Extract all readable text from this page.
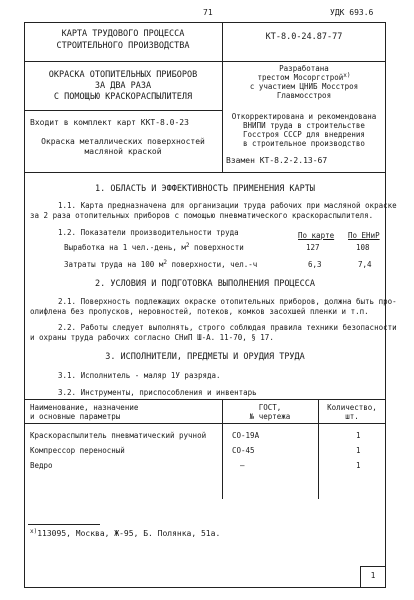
71	УДК 693.6
КАРТА ТРУДОВОГО ПРОЦЕССА
СТРОИТЕЛЬНОГО ПРОИЗВОДСТВА
КТ-8.0-24.87-77
ОКРАСКА ОТОПИТЕЛЬНЫХ ПРИБОРОВ
ЗА ДВА РАЗА
С ПОМОЩЬЮ КРАСКОРАСПЫЛИТЕЛЯ
Разработана
трестом Мосоргстрой$^{x)}$
с участием ЦНИБ Мосстроя
Главмосстроя
Откорректирована и рекомендована
ВНИПИ труда в строительстве
Госстроя СССР для внедрения
в строительное производство
Входит в комплект карт ККТ-8.0-23
Окраска металлических поверхностей
масляной краской
Взамен КТ-8.2-2.13-67
1. ОБЛАСТЬ И ЭФФЕКТИВНОСТЬ ПРИМЕНЕНИЯ КАРТЫ
1.1. Карта предназначена для организации труда рабочих при масляной окраске
за 2 раза отопительных приборов с помощью пневматического краскораспылителя.
1.2. Показатели производительности труда	По карте По ЕНиР
Выработка на 1 чел.-день, $м^2$ поверхности	127	108
Затраты труда на 100 $м^2$ поверхности, чел.-ч	6,3	7,4
2. УСЛОВИЯ И ПОДГОТОВКА ВЫПОЛНЕНИЯ ПРОЦЕССА
2.1. Поверхность подлежащих окраске отопительных приборов, должна быть про-
олифлена без пропусков, неровностей, потеков, комков засохшей пленки и т.п.
2.2. Работы следует выполнять, строго соблюдая правила техники безопасности
и охраны труда рабочих согласно СНиП Ш-А. 11-70, § 17.
3. ИСПОЛНИТЕЛИ, ПРЕДМЕТЫ И ОРУДИЯ ТРУДА
3.1. Исполнитель - маляр 1У разряда.
3.2. Инструменты, приспособления и инвентарь
Наименование, назначение
и основные параметры
ГОСТ,
№ чертежа
Количество,
шт.
Краскораспылитель пневматический ручной	СО-19А	1
Компрессор переносный	СО-45	1
Ведро	–	1
$^{x)}$113095, Москва, Ж-95, Б. Полянка, 51а.
1
